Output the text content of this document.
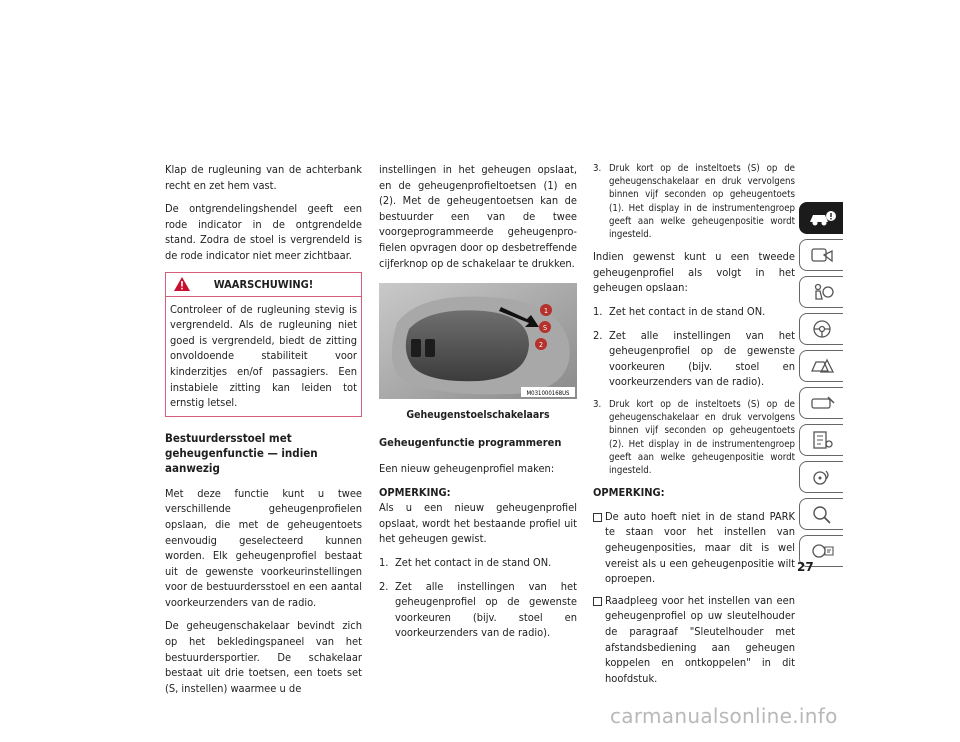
Klap de rugleuning van de achterbank recht en zet hem vast.

De ontgrendelingshendel geeft een rode indicator in de ontgrendelde stand. Zodra de stoel is vergrendeld is de rode indicator niet meer zichtbaar.

WAARSCHUWING!
Controleer of de rugleuning stevig is vergrendeld. Als de rugleuning niet goed is vergrendeld, biedt de zitting onvoldoende stabiliteit voor kinderzitjes en/of passagiers. Een instabiele zitting kan leiden tot ernstig letsel.
Bestuurdersstoel met geheugenfunctie — indien aanwezig

Met deze functie kunt u twee verschillende geheugenprofielen opslaan, die met de geheugentoets eenvoudig geselecteerd kunnen worden. Elk geheugenprofiel bestaat uit de gewenste voorkeurinstellingen voor de bestuurdersstoel en een aantal voorkeurzenders van de radio.

De geheugenschakelaar bevindt zich op het bekledingspaneel van het bestuurdersportier. De schakelaar bestaat uit drie toetsen, een toets set (S, instellen) waarmee u de

instellingen in het geheugen opslaat, en de geheugenprofieltoetsen (1) en (2). Met de geheugentoetsen kan de bestuurder een van de twee voorgeprogrammeerde geheugenprofielen opvragen door op desbetreffende cijferknop op de schakelaar te drukken.

1
S
2
M031000168US
Geheugenstoelschakelaars
Geheugenfunctie programmeren

Een nieuw geheugenprofiel maken:

OPMERKING:

Als u een nieuw geheugenprofiel opslaat, wordt het bestaande profiel uit het geheugen gewist.

1. Zet het contact in de stand ON.
2. Zet alle instellingen van het geheugenprofiel op de gewenste voorkeuren (bijv. stoel en voorkeurzenders van de radio).
3. Druk kort op de insteltoets (S) op de geheugenschakelaar en druk vervolgens binnen vijf seconden op geheugentoets (1). Het display in de instrumentengroep geeft aan welke geheugenpositie wordt ingesteld.

Indien gewenst kunt u een tweede geheugenprofiel als volgt in het geheugen opslaan:

1. Zet het contact in de stand ON.
2. Zet alle instellingen van het geheugenprofiel op de gewenste voorkeuren (bijv. stoel en voorkeurzenders van de radio).
3. Druk kort op de insteltoets (S) op de geheugenschakelaar en druk vervolgens binnen vijf seconden op geheugentoets (2). Het display in de instrumentengroep geeft aan welke geheugenpositie wordt ingesteld.
OPMERKING:
De auto hoeft niet in de stand PARK te staan voor het instellen van geheugenposities, maar dit is wel vereist als u een geheugenpositie wilt oproepen.
Raadpleeg voor het instellen van een geheugenprofiel op uw sleutelhouder de paragraaf "Sleutelhouder met afstandsbediening aan geheugen koppelen en ontkoppelen" in dit hoofdstuk.
27
carmanualsonline.info
